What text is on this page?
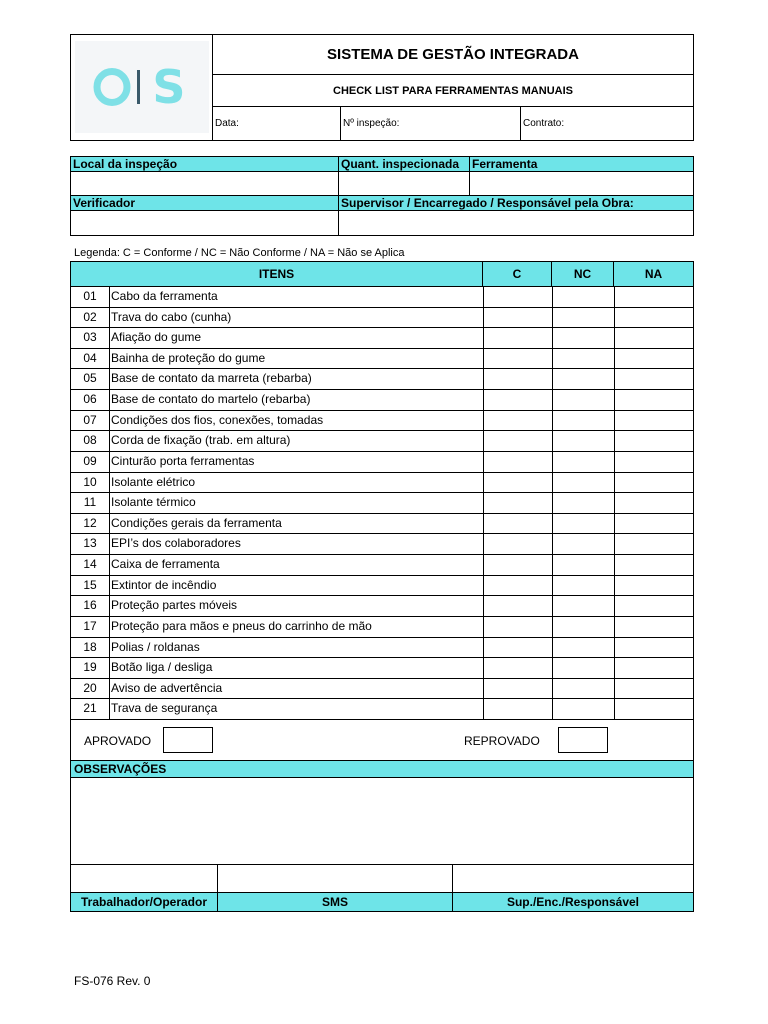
S
SISTEMA DE GESTÃO INTEGRADA
CHECK LIST PARA FERRAMENTAS MANUAIS
Data:	Nº inspeção:	Contrato:
Local da inspeção	Quant. inspecionada	Ferramenta
Verificador	Supervisor / Encarregado / Responsável pela Obra:
Legenda: C = Conforme / NC = Não Conforme / NA = Não se Aplica
ITENS	C	NC	NA
01	Cabo da ferramenta
02	Trava do cabo (cunha)
03	Afiação do gume
04	Bainha de proteção do gume
05	Base de contato da marreta (rebarba)
06	Base de contato do martelo (rebarba)
07	Condições dos fios, conexões, tomadas
08	Corda de fixação (trab. em altura)
09	Cinturão porta ferramentas
10	Isolante elétrico
11	Isolante térmico
12	Condições gerais da ferramenta
13	EPI’s dos colaboradores
14	Caixa de ferramenta
15	Extintor de incêndio
16	Proteção partes móveis
17	Proteção para mãos e pneus do carrinho de mão
18	Polias / roldanas
19	Botão liga / desliga
20	Aviso de advertência
21	Trava de segurança
APROVADO	REPROVADO
OBSERVAÇÕES
Trabalhador/Operador	SMS	Sup./Enc./Responsável
FS-076 Rev. 0
